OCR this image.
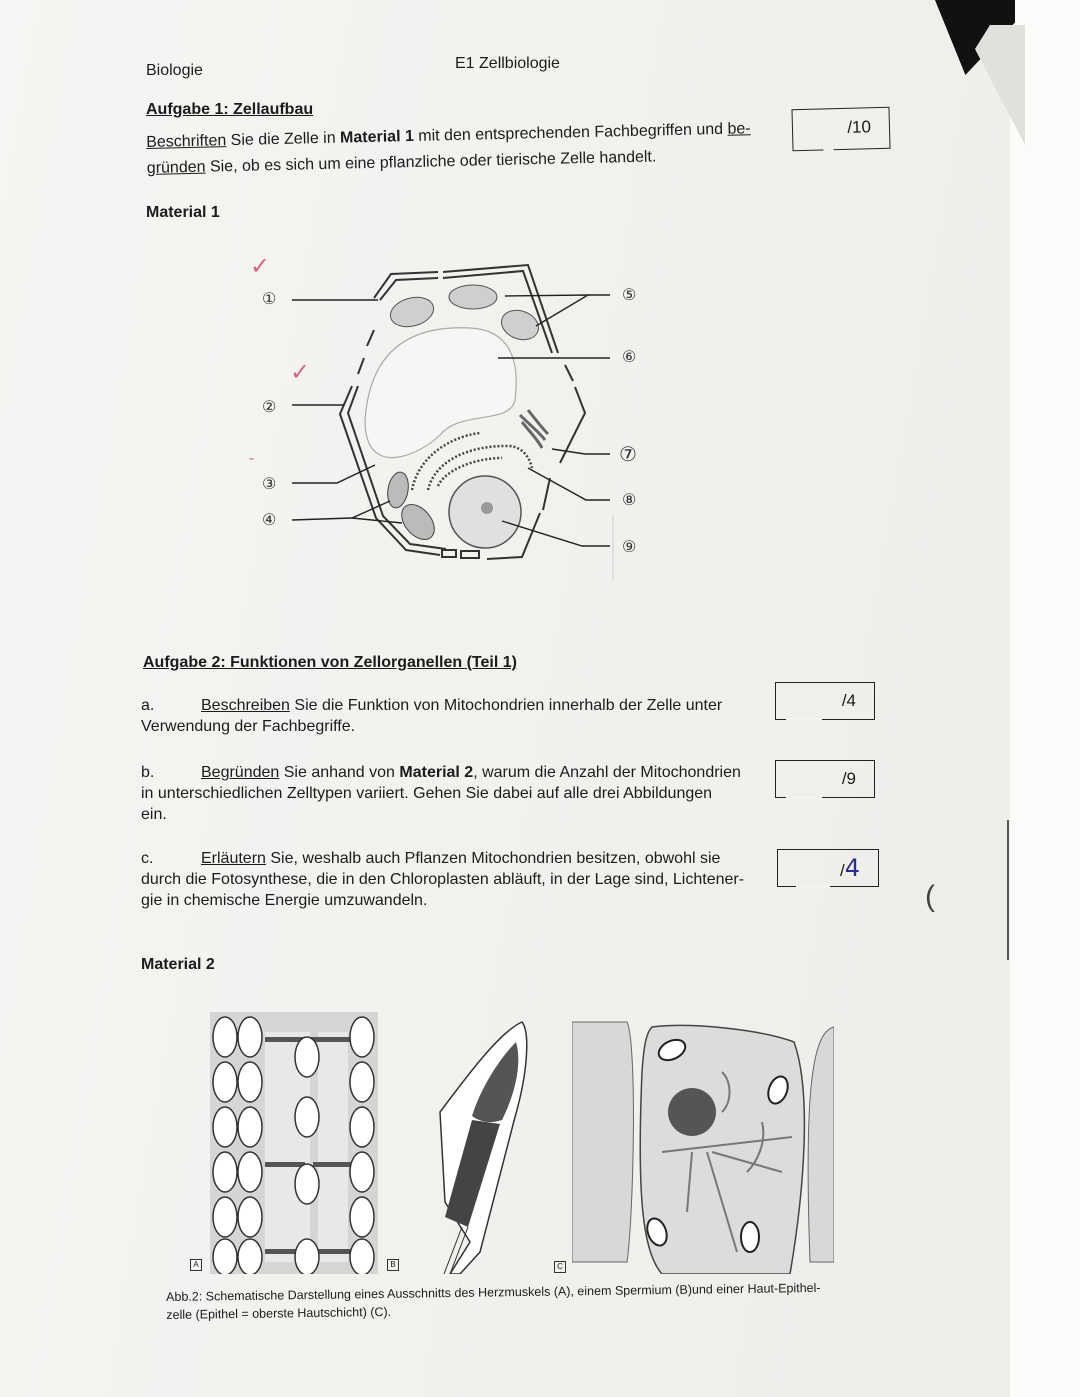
Biologie	E1 Zellbiologie
Aufgabe 1: Zellaufbau
/10
Beschriften Sie die Zelle in Material 1 mit den entsprechenden Fachbegriffen und be-
gründen Sie, ob es sich um eine pflanzliche oder tierische Zelle handelt.
Material 1
✓
✓
‐
①
②
③
④
⑤
⑥
⑦
⑧
⑨
Aufgabe 2: Funktionen von Zellorganellen (Teil 1)
a.	Beschreiben Sie die Funktion von Mitochondrien innerhalb der Zelle unter
Verwendung der Fachbegriffe.
/4
b.	Begründen Sie anhand von Material 2, warum die Anzahl der Mitochondrien
in unterschiedlichen Zelltypen variiert. Gehen Sie dabei auf alle drei Abbildungen
ein.
/9
c.	Erläutern Sie, weshalb auch Pflanzen Mitochondrien besitzen, obwohl sie
durch die Fotosynthese, die in den Chloroplasten abläuft, in der Lage sind, Lichtener-
gie in chemische Energie umzuwandeln.
/4
(
Material 2
A	B	C
Abb.2: Schematische Darstellung eines Ausschnitts des Herzmuskels (A), einem Spermium (B)und einer Haut-Epithel-
zelle (Epithel = oberste Hautschicht) (C).
